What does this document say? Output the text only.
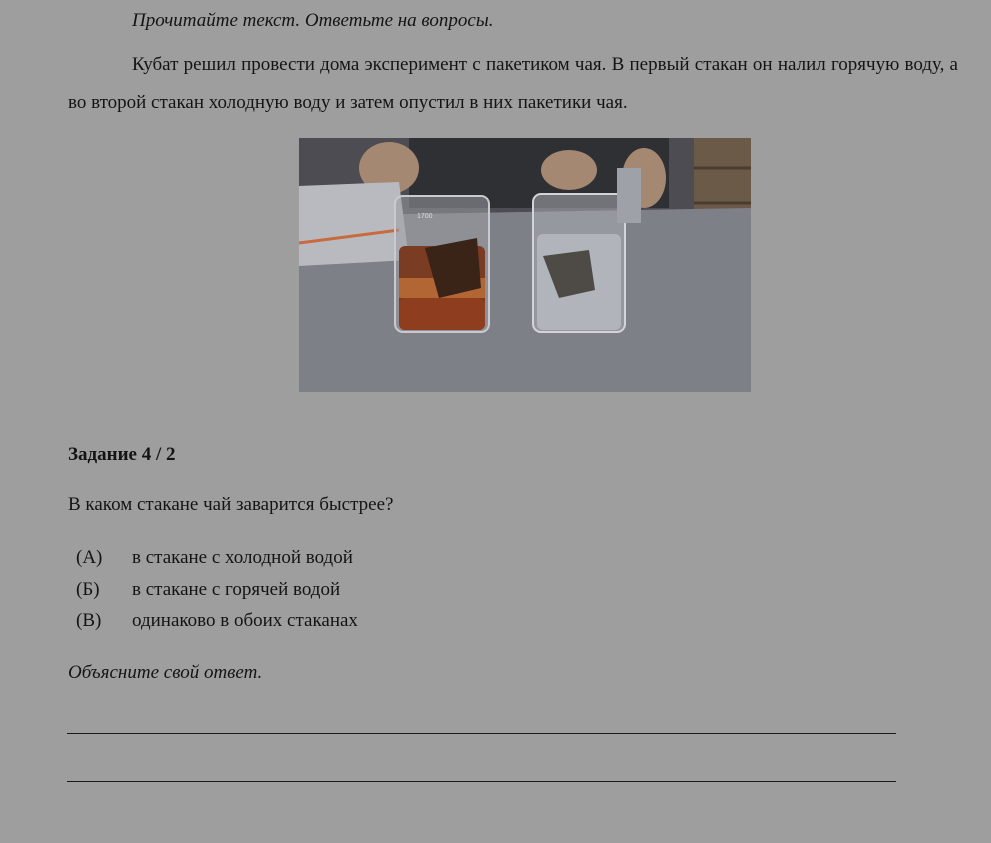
Прочитайте текст. Ответьте на вопросы.

Кубат решил провести дома эксперимент с пакетиком чая. В первый стакан он налил горячую воду, а во второй стакан холодную воду и затем опустил в них пакетики чая.

1700

Задание 4 / 2

В каком стакане чай заварится быстрее?

(А)	в стакане с холодной водой
(Б)	в стакане с горячей водой
(В)	одинаково в обоих стаканах

Объясните свой ответ.
